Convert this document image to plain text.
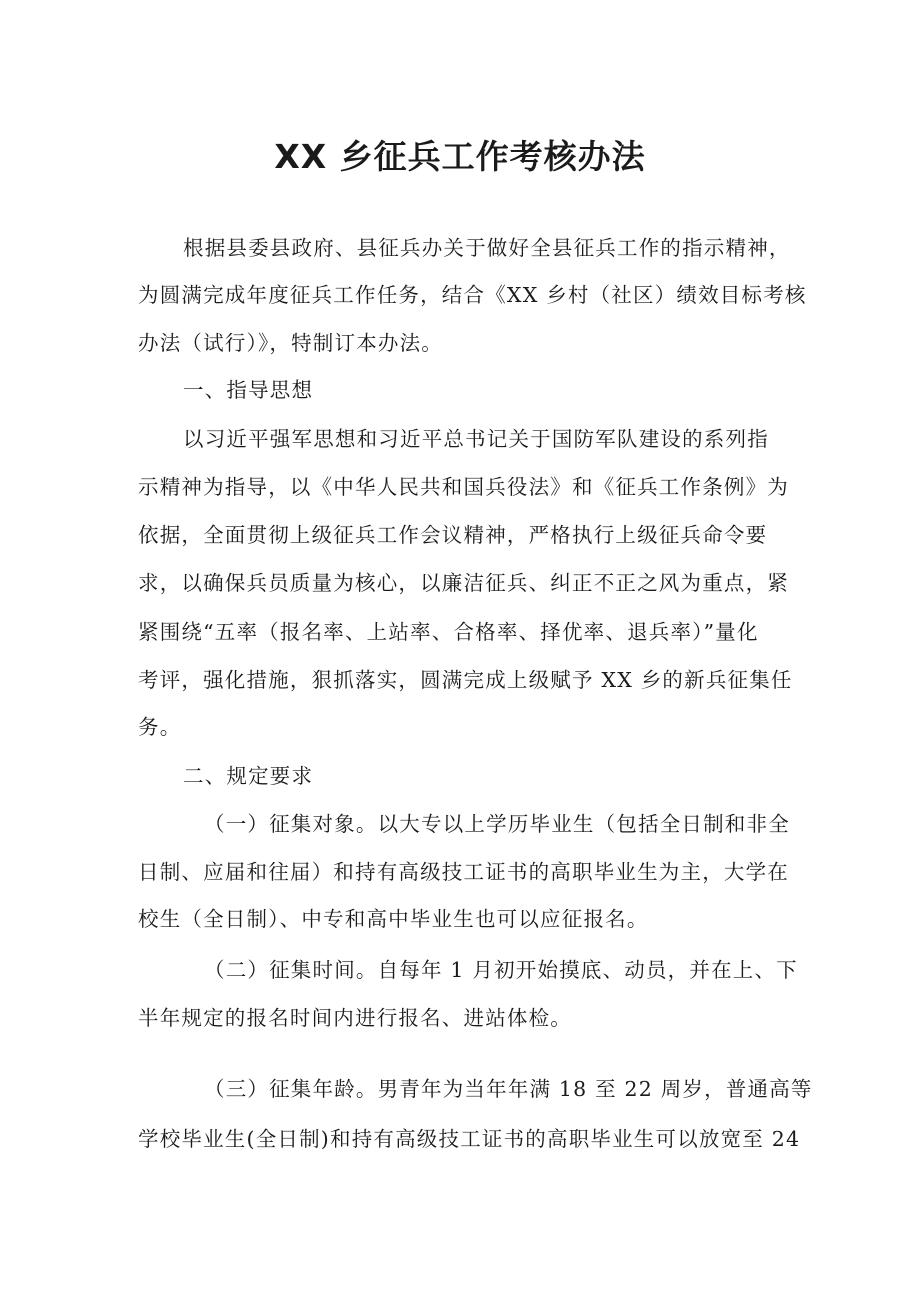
XX 乡征兵工作考核办法

根据县委县政府、县征兵办关于做好全县征兵工作的指示精神，

为圆满完成年度征兵工作任务，结合《XX 乡村（社区）绩效目标考核

办法（试行）》，特制订本办法。

一、指导思想

以习近平强军思想和习近平总书记关于国防军队建设的系列指

示精神为指导，以《中华人民共和国兵役法》和《征兵工作条例》为

依据，全面贯彻上级征兵工作会议精神，严格执行上级征兵命令要

求，以确保兵员质量为核心，以廉洁征兵、纠正不正之风为重点，紧

紧围绕“五率（报名率、上站率、合格率、择优率、退兵率）”量化

考评，强化措施，狠抓落实，圆满完成上级赋予 XX 乡的新兵征集任

务。

二、规定要求

（一）征集对象。以大专以上学历毕业生（包括全日制和非全

日制、应届和往届）和持有高级技工证书的高职毕业生为主，大学在

校生（全日制）、中专和高中毕业生也可以应征报名。

（二）征集时间。自每年 1 月初开始摸底、动员，并在上、下

半年规定的报名时间内进行报名、进站体检。

（三）征集年龄。男青年为当年年满 18 至 22 周岁，普通高等

学校毕业生(全日制)和持有高级技工证书的高职毕业生可以放宽至 24
